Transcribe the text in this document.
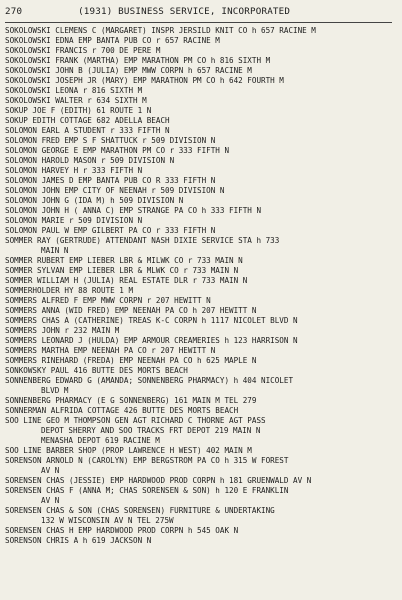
270	(1931) BUSINESS SERVICE, INCORPORATED
SOKOLOWSKI CLEMENS C (MARGARET) INSPR JERSILD KNIT CO h 657 RACINE M
SOKOLOWSKI EDNA EMP BANTA PUB CO r 657 RACINE M
SOKOLOWSKI FRANCIS r 700 DE PERE M
SOKOLOWSKI FRANK (MARTHA) EMP MARATHON PM CO h 816 SIXTH M
SOKOLOWSKI JOHN B (JULIA) EMP MWW CORPN h 657 RACINE M
SOKOLOWSKI JOSEPH JR (MARY) EMP MARATHON PM CO h 642 FOURTH M
SOKOLOWSKI LEONA r 816 SIXTH M
SOKOLOWSKI WALTER r 634 SIXTH M
SOKUP JOE F (EDITH) 61 ROUTE 1 N
SOKUP EDITH COTTAGE 682 ADELLA BEACH
SOLOMON EARL A STUDENT r 333 FIFTH N
SOLOMON FRED EMP S F SHATTUCK r 509 DIVISION N
SOLOMON GEORGE E EMP MARATHON PM CO r 333 FIFTH N
SOLOMON HAROLD MASON r 509 DIVISION N
SOLOMON HARVEY H r 333 FIFTH N
SOLOMON JAMES D EMP BANTA PUB CO R 333 FIFTH N
SOLOMON JOHN EMP CITY OF NEENAH r 509 DIVISION N
SOLOMON JOHN G (IDA M) h 509 DIVISION N
SOLOMON JOHN H ( ANNA C) EMP STRANGE PA CO h 333 FIFTH N
SOLOMON MARIE r 509 DIVISION N
SOLOMON PAUL W EMP GILBERT PA CO r 333 FIFTH N
SOMMER RAY (GERTRUDE) ATTENDANT NASH DIXIE SERVICE STA h 733
MAIN N
SOMMER RUBERT EMP LIEBER LBR & MILWK CO r 733 MAIN N
SOMMER SYLVAN EMP LIEBER LBR & MLWK CO r 733 MAIN N
SOMMER WILLIAM H (JULIA) REAL ESTATE DLR r 733 MAIN N
SOMMERHOLDER HY 88 ROUTE 1 M
SOMMERS ALFRED F EMP MWW CORPN r 207 HEWITT N
SOMMERS ANNA (WID FRED) EMP NEENAH PA CO h 207 HEWITT N
SOMMERS CHAS A (CATHERINE) TREAS K-C CORPN h 1117 NICOLET BLVD N
SOMMERS JOHN r 232 MAIN M
SOMMERS LEONARD J (HULDA) EMP ARMOUR CREAMERIES h 123 HARRISON N
SOMMERS MARTHA EMP NEENAH PA CO r 207 HEWITT N
SOMMERS RINEHARD (FREDA) EMP NEENAH PA CO h 625 MAPLE N
SONKOWSKY PAUL 416 BUTTE DES MORTS BEACH
SONNENBERG EDWARD G (AMANDA; SONNENBERG PHARMACY) h 404 NICOLET
BLVD M
SONNENBERG PHARMACY (E G SONNENBERG) 161 MAIN M TEL 279
SONNERMAN ALFRIDA COTTAGE 426 BUTTE DES MORTS BEACH
SOO LINE GEO M THOMPSON GEN AGT RICHARD C THORNE AGT PASS
DEPOT SHERRY AND SOO TRACKS FRT DEPOT 219 MAIN N
MENASHA DEPOT 619 RACINE M
SOO LINE BARBER SHOP (PROP LAWRENCE H WEST) 402 MAIN M
SORENSON ARNOLD N (CAROLYN) EMP BERGSTROM PA CO h 315 W FOREST
AV N
SORENSEN CHAS (JESSIE) EMP HARDWOOD PROD CORPN h 181 GRUENWALD AV N
SORENSEN CHAS F (ANNA M; CHAS SORENSEN & SON) h 120 E FRANKLIN
AV N
SORENSEN CHAS & SON (CHAS SORENSEN) FURNITURE & UNDERTAKING
132 W WISCONSIN AV N TEL 275W
SORENSEN CHAS H EMP HARDWOOD PROD CORPN h 545 OAK N
SORENSON CHRIS A h 619 JACKSON N
